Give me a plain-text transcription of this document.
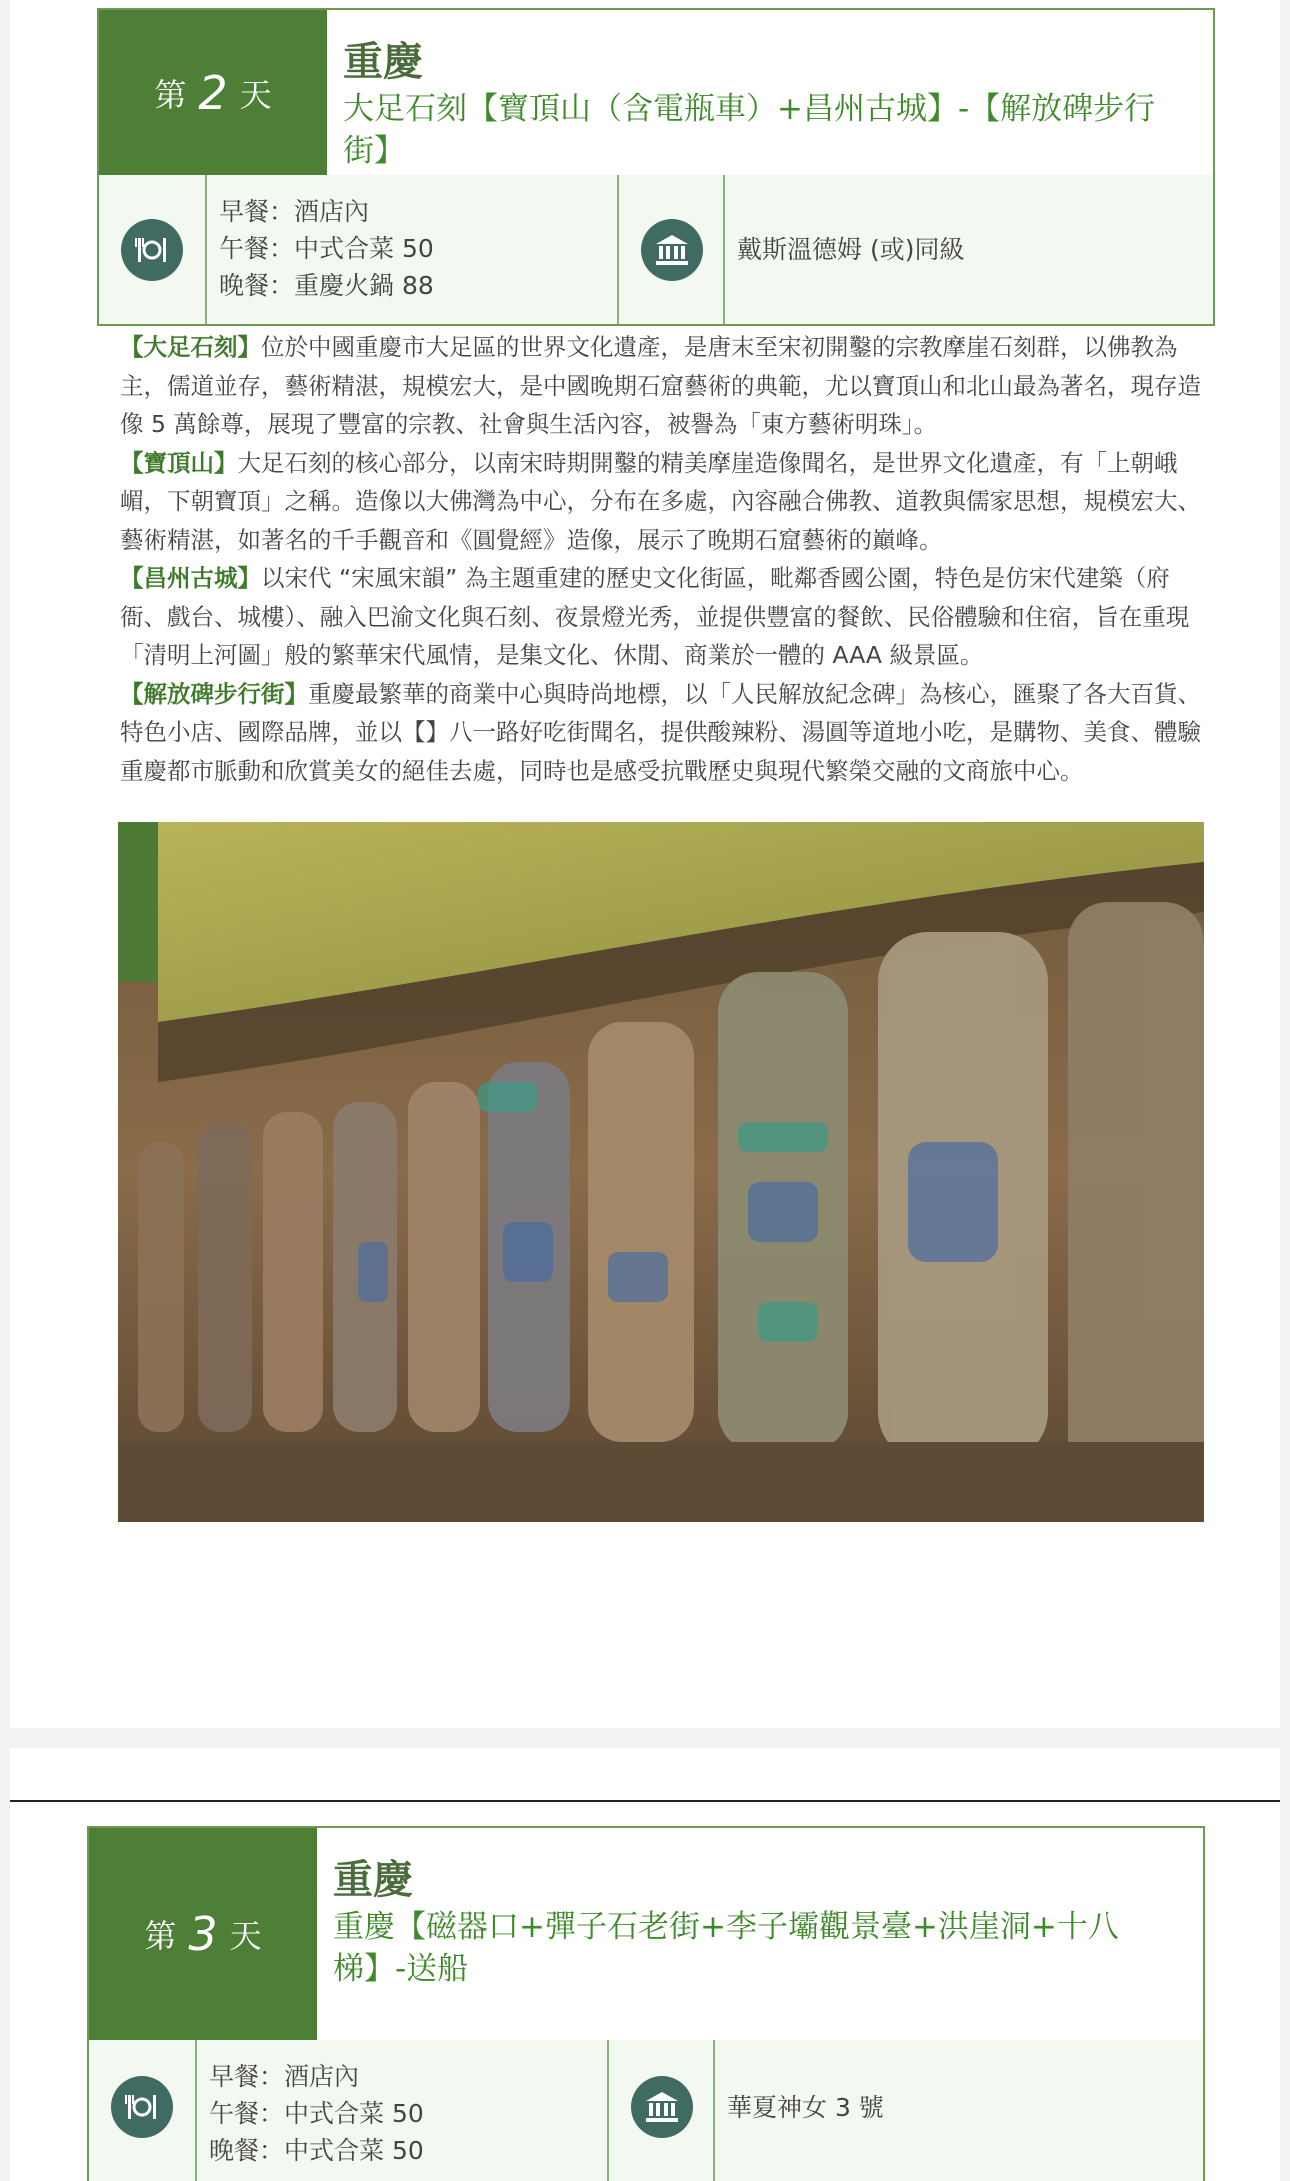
第 2 天
重慶
大足石刻【寶頂山（含電瓶車）+昌州古城】-【解放碑步行街】
早餐：酒店內
午餐：中式合菜 50
晚餐：重慶火鍋 88
戴斯溫德姆 (或)同級

【大足石刻】位於中國重慶市大足區的世界文化遺產，是唐末至宋初開鑿的宗教摩崖石刻群，以佛教為主，儒道並存，藝術精湛，規模宏大，是中國晚期石窟藝術的典範，尤以寶頂山和北山最為著名，現存造像 5 萬餘尊，展現了豐富的宗教、社會與生活內容，被譽為「東方藝術明珠」。

【寶頂山】大足石刻的核心部分，以南宋時期開鑿的精美摩崖造像聞名，是世界文化遺產，有「上朝峨嵋，下朝寶頂」之稱。造像以大佛灣為中心，分布在多處，內容融合佛教、道教與儒家思想，規模宏大、藝術精湛，如著名的千手觀音和《圓覺經》造像，展示了晚期石窟藝術的巔峰。

【昌州古城】以宋代 “宋風宋韻” 為主題重建的歷史文化街區，毗鄰香國公園，特色是仿宋代建築（府衙、戲台、城樓）、融入巴渝文化與石刻、夜景燈光秀，並提供豐富的餐飲、民俗體驗和住宿，旨在重現「清明上河圖」般的繁華宋代風情，是集文化、休閒、商業於一體的 AAA 級景區。

【解放碑步行街】重慶最繁華的商業中心與時尚地標，以「人民解放紀念碑」為核心，匯聚了各大百貨、特色小店、國際品牌，並以【】八一路好吃街聞名，提供酸辣粉、湯圓等道地小吃，是購物、美食、體驗重慶都市脈動和欣賞美女的絕佳去處，同時也是感受抗戰歷史與現代繁榮交融的文商旅中心。

第 3 天
重慶
重慶【磁器口+彈子石老街+李子壩觀景臺+洪崖洞+十八梯】-送船
早餐：酒店內
午餐：中式合菜 50
晚餐：中式合菜 50
華夏神女 3 號
